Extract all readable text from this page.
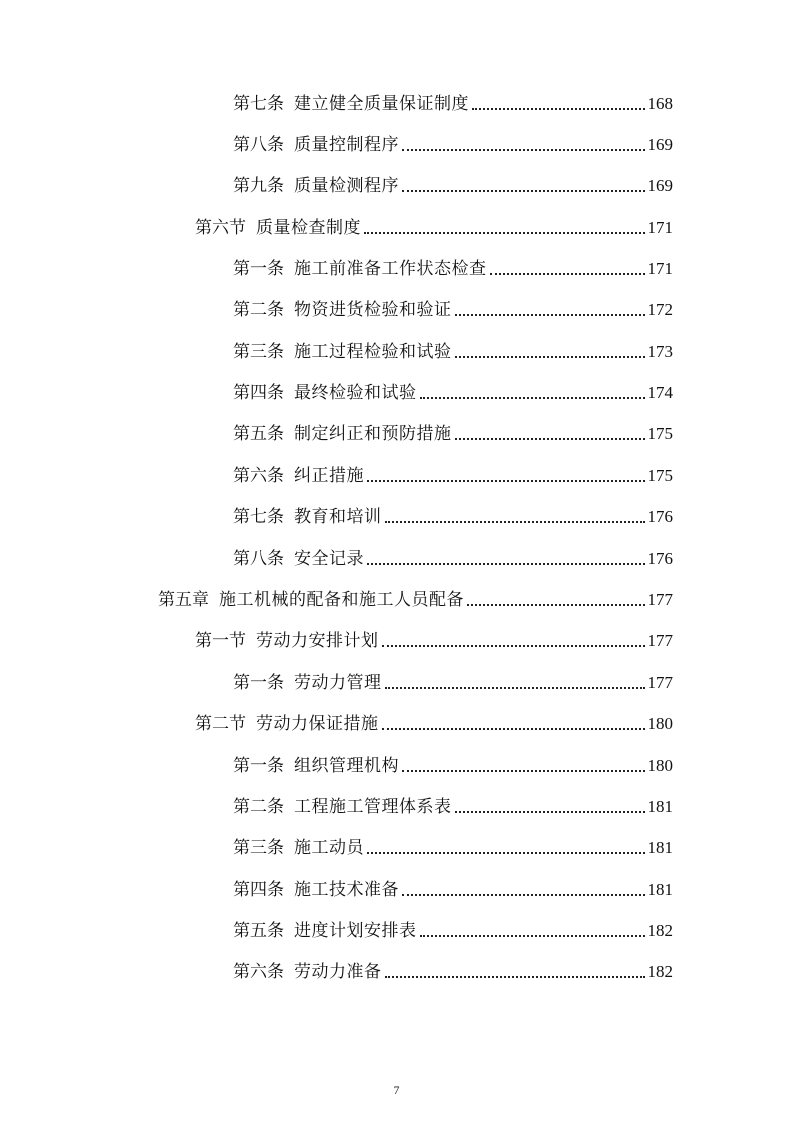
第七条 建立健全质量保证制度	168
第八条 质量控制程序	169
第九条 质量检测程序	169
第六节 质量检查制度	171
第一条 施工前准备工作状态检查	171
第二条 物资进货检验和验证	172
第三条 施工过程检验和试验	173
第四条 最终检验和试验	174
第五条 制定纠正和预防措施	175
第六条 纠正措施	175
第七条 教育和培训	176
第八条 安全记录	176
第五章 施工机械的配备和施工人员配备	177
第一节 劳动力安排计划	177
第一条 劳动力管理	177
第二节 劳动力保证措施	180
第一条 组织管理机构	180
第二条 工程施工管理体系表	181
第三条 施工动员	181
第四条 施工技术准备	181
第五条 进度计划安排表	182
第六条 劳动力准备	182
7
